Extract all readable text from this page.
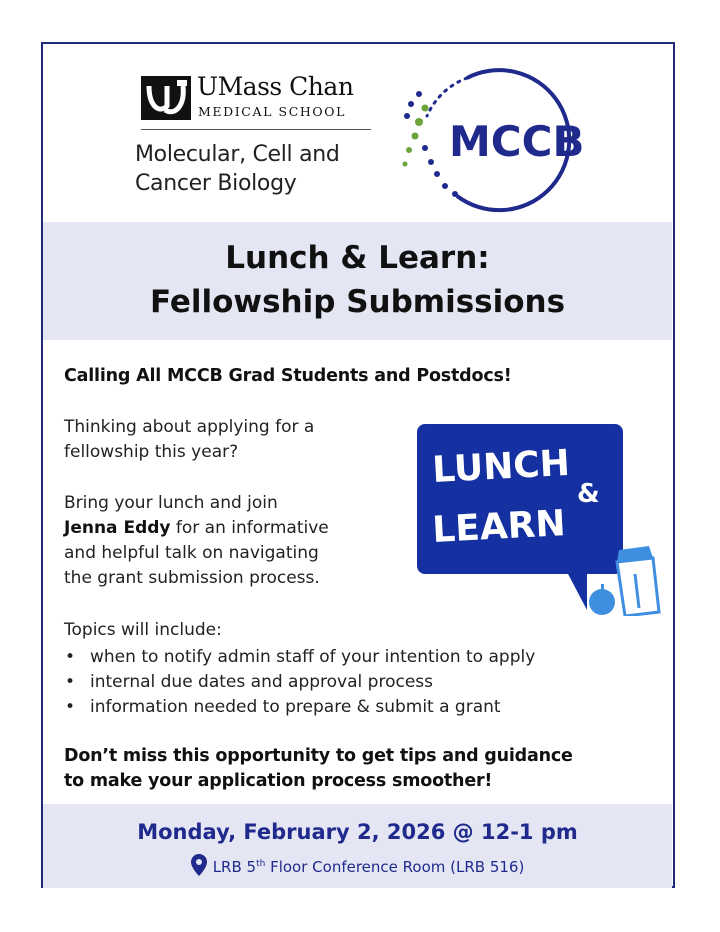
UMass Chan
MEDICAL SCHOOL
Molecular, Cell and
Cancer Biology
MCCB
Lunch & Learn:
Fellowship Submissions
Calling All MCCB Grad Students and Postdocs!
Thinking about applying for a
fellowship this year?
Bring your lunch and join
Jenna Eddy for an informative
and helpful talk on navigating
the grant submission process.
LUNCH
&
LEARN
Topics will include:
• when to notify admin staff of your intention to apply
• internal due dates and approval process
• information needed to prepare & submit a grant
Don’t miss this opportunity to get tips and guidance
to make your application process smoother!
Monday, February 2, 2026 @ 12-1 pm
LRB 5th Floor Conference Room (LRB 516)
